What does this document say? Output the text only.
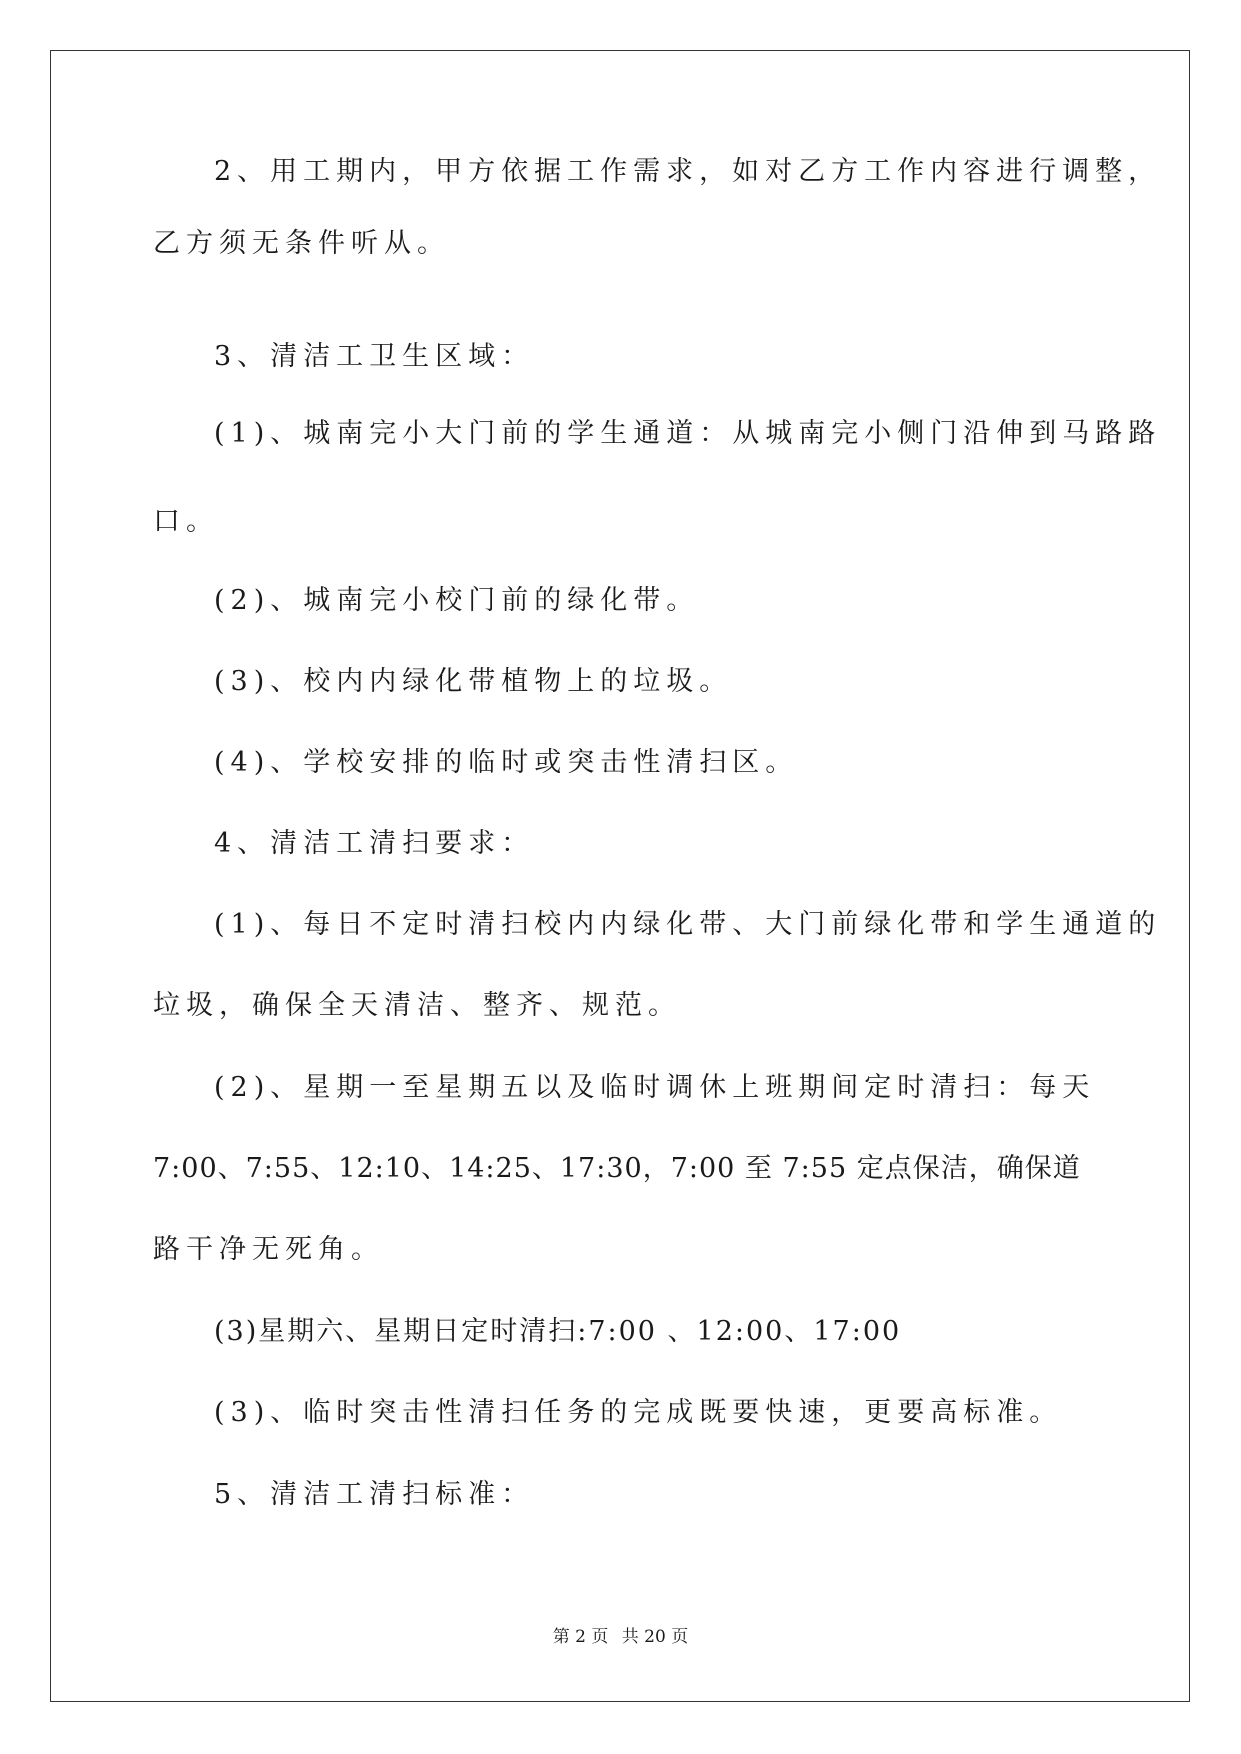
2、用工期内，甲方依据工作需求，如对乙方工作内容进行调整，
乙方须无条件听从。
3、清洁工卫生区域：
(1)、城南完小大门前的学生通道：从城南完小侧门沿伸到马路路
口。
(2)、城南完小校门前的绿化带。
(3)、校内内绿化带植物上的垃圾。
(4)、学校安排的临时或突击性清扫区。
4、清洁工清扫要求：
(1)、每日不定时清扫校内内绿化带、大门前绿化带和学生通道的
垃圾，确保全天清洁、整齐、规范。
(2)、星期一至星期五以及临时调休上班期间定时清扫：每天
7:00、7:55、12:10、14:25、17:30，7:00 至 7:55 定点保洁，确保道
路干净无死角。
(3)星期六、星期日定时清扫:7:00 、12:00、17:00
(3)、临时突击性清扫任务的完成既要快速，更要高标准。
5、清洁工清扫标准：
第 2 页 共 20 页
